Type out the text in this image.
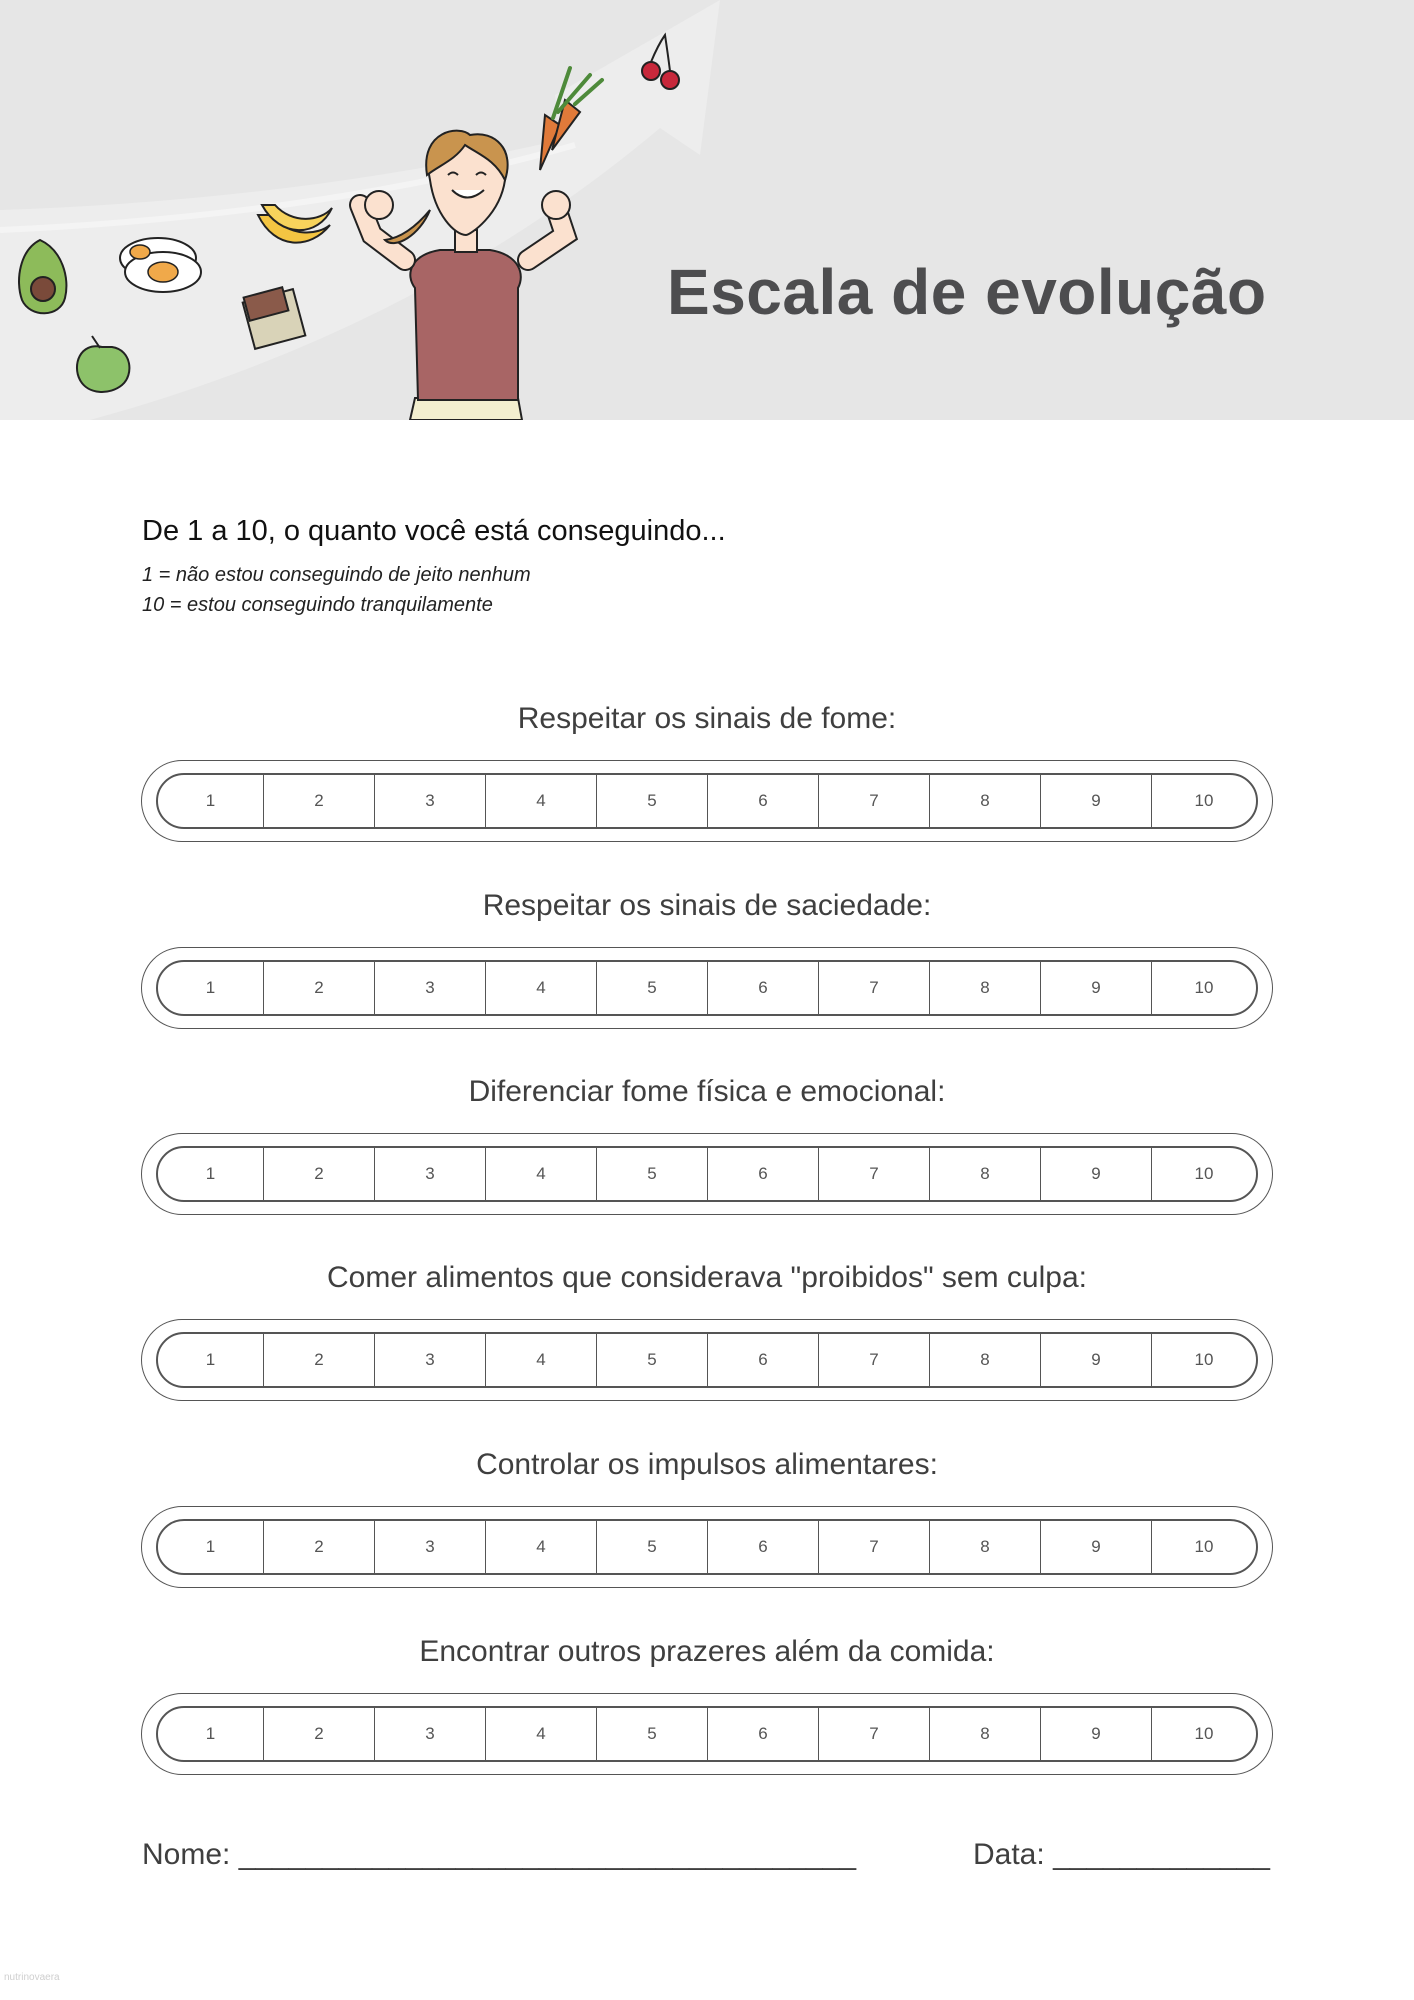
Escala de evolução
De 1 a 10, o quanto você está conseguindo...
1 = não estou conseguindo de jeito nenhum
10 = estou conseguindo tranquilamente
Respeitar os sinais de fome:
1	2	3	4	5	6	7	8	9	10
Respeitar os sinais de saciedade:
1	2	3	4	5	6	7	8	9	10
Diferenciar fome física e emocional:
1	2	3	4	5	6	7	8	9	10
Comer alimentos que considerava "proibidos" sem culpa:
1	2	3	4	5	6	7	8	9	10
Controlar os impulsos alimentares:
1	2	3	4	5	6	7	8	9	10
Encontrar outros prazeres além da comida:
1	2	3	4	5	6	7	8	9	10
Nome: _____________________________________	Data: _____________
nutrinovaera
